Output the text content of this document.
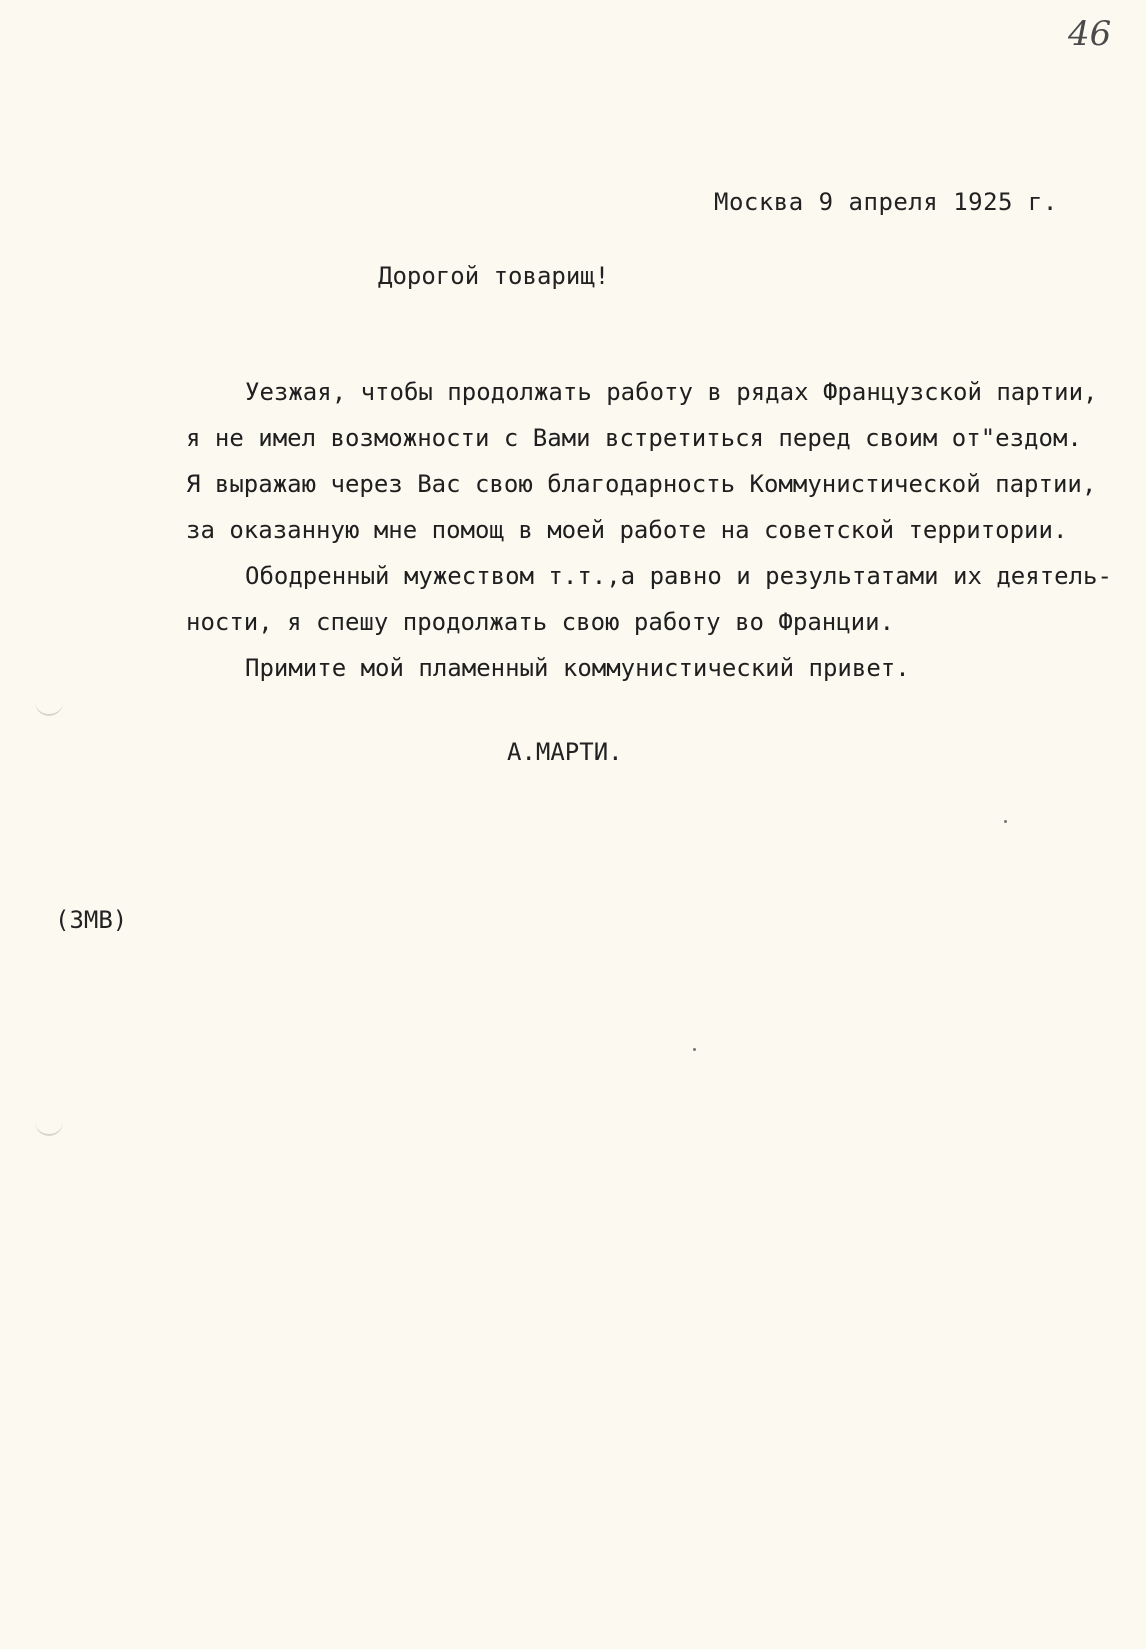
46
Москва 9 апреля 1925 г.
Дорогой товарищ!
Уезжая, чтобы продолжать работу в рядах Французской партии,
я не имел возможности с Вами встретиться перед своим от"ездом.
Я выражаю через Вас свою благодарность Коммунистической партии,
за оказанную мне помощ в моей работе на советской территории.
Ободренный мужеством т.т.,а равно и результатами их деятель-
ности, я спешу продолжать свою работу во Франции.
Примите мой пламенный коммунистический привет.
А.МАРТИ.
(ЗМВ)
